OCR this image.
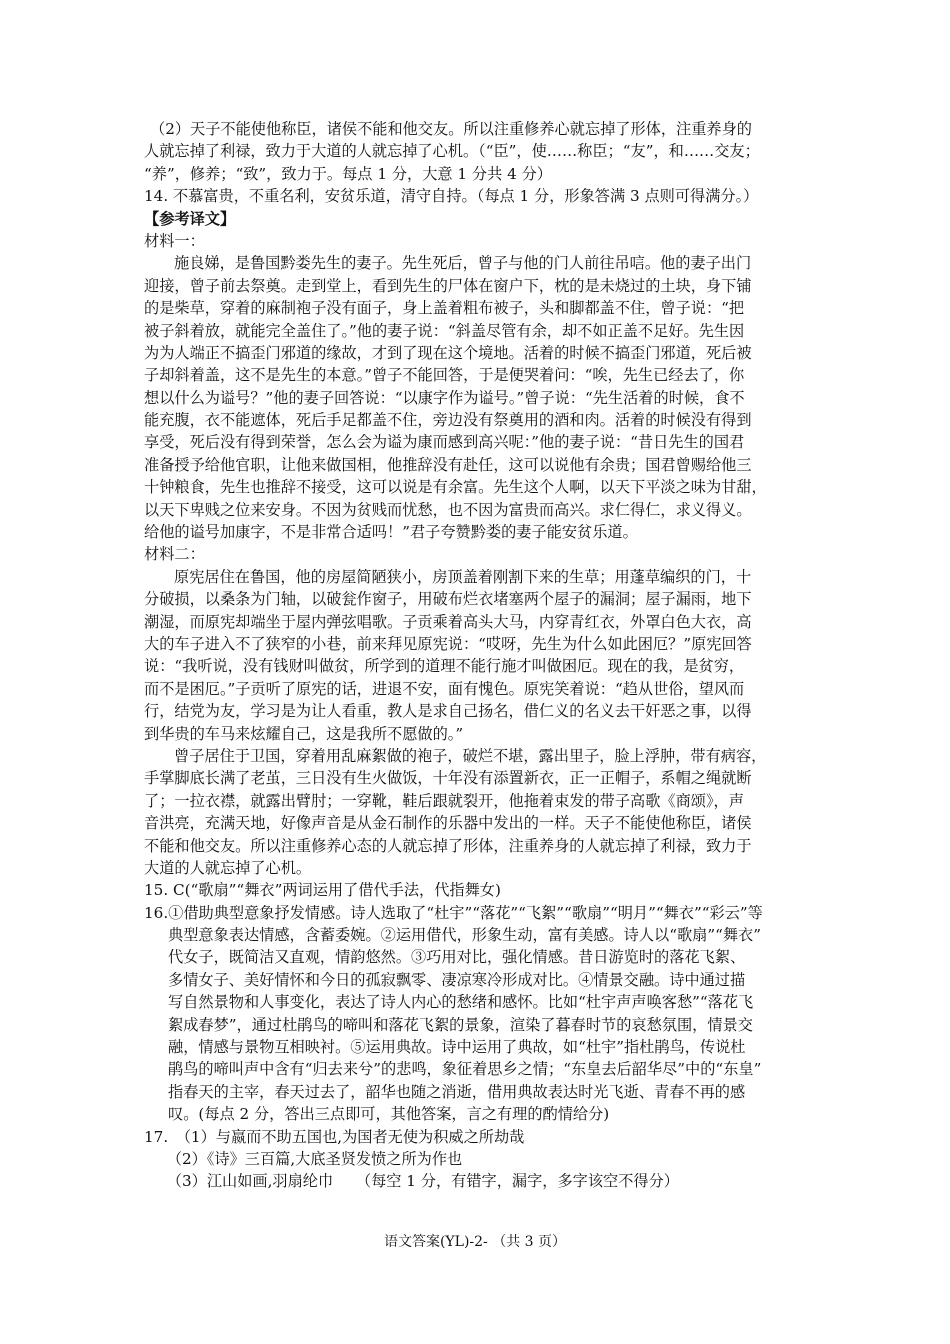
（2）天子不能使他称臣，诸侯不能和他交友。所以注重修养心就忘掉了形体，注重养身的
人就忘掉了利禄，致力于大道的人就忘掉了心机。（“臣”，使……称臣；“友”，和……交友；
“养”，修养；“致”，致力于。每点 1 分，大意 1 分共 4 分）
14. 不慕富贵，不重名利，安贫乐道，清守自持。（每点 1 分，形象答满 3 点则可得满分。）
【参考译文】
材料一：
施良娣，是鲁国黔娄先生的妻子。先生死后，曾子与他的门人前往吊唁。他的妻子出门
迎接，曾子前去祭奠。走到堂上，看到先生的尸体在窗户下，枕的是未烧过的土块，身下铺
的是柴草，穿着的麻制袍子没有面子，身上盖着粗布被子，头和脚都盖不住，曾子说：“把
被子斜着放，就能完全盖住了。”他的妻子说：“斜盖尽管有余，却不如正盖不足好。先生因
为为人端正不搞歪门邪道的缘故，才到了现在这个境地。活着的时候不搞歪门邪道，死后被
子却斜着盖，这不是先生的本意。”曾子不能回答，于是便哭着问：“唉，先生已经去了，你
想以什么为谥号？”他的妻子回答说：“以康字作为谥号。”曾子说：“先生活着的时候，食不
能充腹，衣不能遮体，死后手足都盖不住，旁边没有祭奠用的酒和肉。活着的时候没有得到
享受，死后没有得到荣誉，怎么会为谥为康而感到高兴呢：”他的妻子说：“昔日先生的国君
准备授予给他官职，让他来做国相，他推辞没有赴任，这可以说他有余贵；国君曾赐给他三
十钟粮食，先生也推辞不接受，这可以说是有余富。先生这个人啊，以天下平淡之味为甘甜，
以天下卑贱之位来安身。不因为贫贱而忧愁，也不因为富贵而高兴。求仁得仁，求义得义。
给他的谥号加康字，不是非常合适吗！”君子夸赞黔娄的妻子能安贫乐道。
材料二：
原宪居住在鲁国，他的房屋简陋狭小，房顶盖着刚割下来的生草；用蓬草编织的门，十
分破损，以桑条为门轴，以破瓮作窗子，用破布烂衣堵塞两个屋子的漏洞；屋子漏雨，地下
潮湿，而原宪却端坐于屋内弹弦唱歌。子贡乘着高头大马，内穿青红衣，外罩白色大衣，高
大的车子进入不了狭窄的小巷，前来拜见原宪说：“哎呀，先生为什么如此困厄？”原宪回答
说：“我听说，没有钱财叫做贫，所学到的道理不能行施才叫做困厄。现在的我，是贫穷，
而不是困厄。”子贡听了原宪的话，进退不安，面有愧色。原宪笑着说：“趋从世俗，望风而
行，结党为友，学习是为让人看重，教人是求自己扬名，借仁义的名义去干奸恶之事，以得
到华贵的车马来炫耀自己，这是我所不愿做的。”
曾子居住于卫国，穿着用乱麻絮做的袍子，破烂不堪，露出里子，脸上浮肿，带有病容，
手掌脚底长满了老茧，三日没有生火做饭，十年没有添置新衣，正一正帽子，系帽之绳就断
了；一拉衣襟，就露出臂肘；一穿靴，鞋后跟就裂开，他拖着束发的带子高歌《商颂》，声
音洪亮，充满天地，好像声音是从金石制作的乐器中发出的一样。天子不能使他称臣，诸侯
不能和他交友。所以注重修养心态的人就忘掉了形体，注重养身的人就忘掉了利禄，致力于
大道的人就忘掉了心机。
15. C(“歌扇”“舞衣”两词运用了借代手法，代指舞女)
16.①借助典型意象抒发情感。诗人选取了“杜宇”“落花”“飞絮”“歌扇”“明月”“舞衣”“彩云”等
典型意象表达情感，含蓄委婉。②运用借代，形象生动，富有美感。诗人以“歌扇”“舞衣”
代女子，既简洁又直观，情韵悠然。③巧用对比，强化情感。昔日游览时的落花飞絮、
多情女子、美好情怀和今日的孤寂飘零、凄凉寒冷形成对比。④情景交融。诗中通过描
写自然景物和人事变化，表达了诗人内心的愁绪和感怀。比如“杜宇声声唤客愁”“落花飞
絮成春梦”，通过杜鹃鸟的啼叫和落花飞絮的景象，渲染了暮春时节的哀愁氛围，情景交
融，情感与景物互相映衬。⑤运用典故。诗中运用了典故，如“杜宇”指杜鹃鸟，传说杜
鹃鸟的啼叫声中含有“归去来兮”的悲鸣，象征着思乡之情；“东皇去后韶华尽”中的“东皇”
指春天的主宰，春天过去了，韶华也随之消逝，借用典故表达时光飞逝、青春不再的感
叹。(每点 2 分，答出三点即可，其他答案，言之有理的酌情给分)
17.　（1）与嬴而不助五国也,为国者无使为积威之所劫哉
　　（2）《诗》三百篇,大底圣贤发愤之所为作也
　　（3）江山如画,羽扇纶巾　　（每空 1 分，有错字，漏字，多字该空不得分）
语文答案(YL)-2- （共 3 页）
